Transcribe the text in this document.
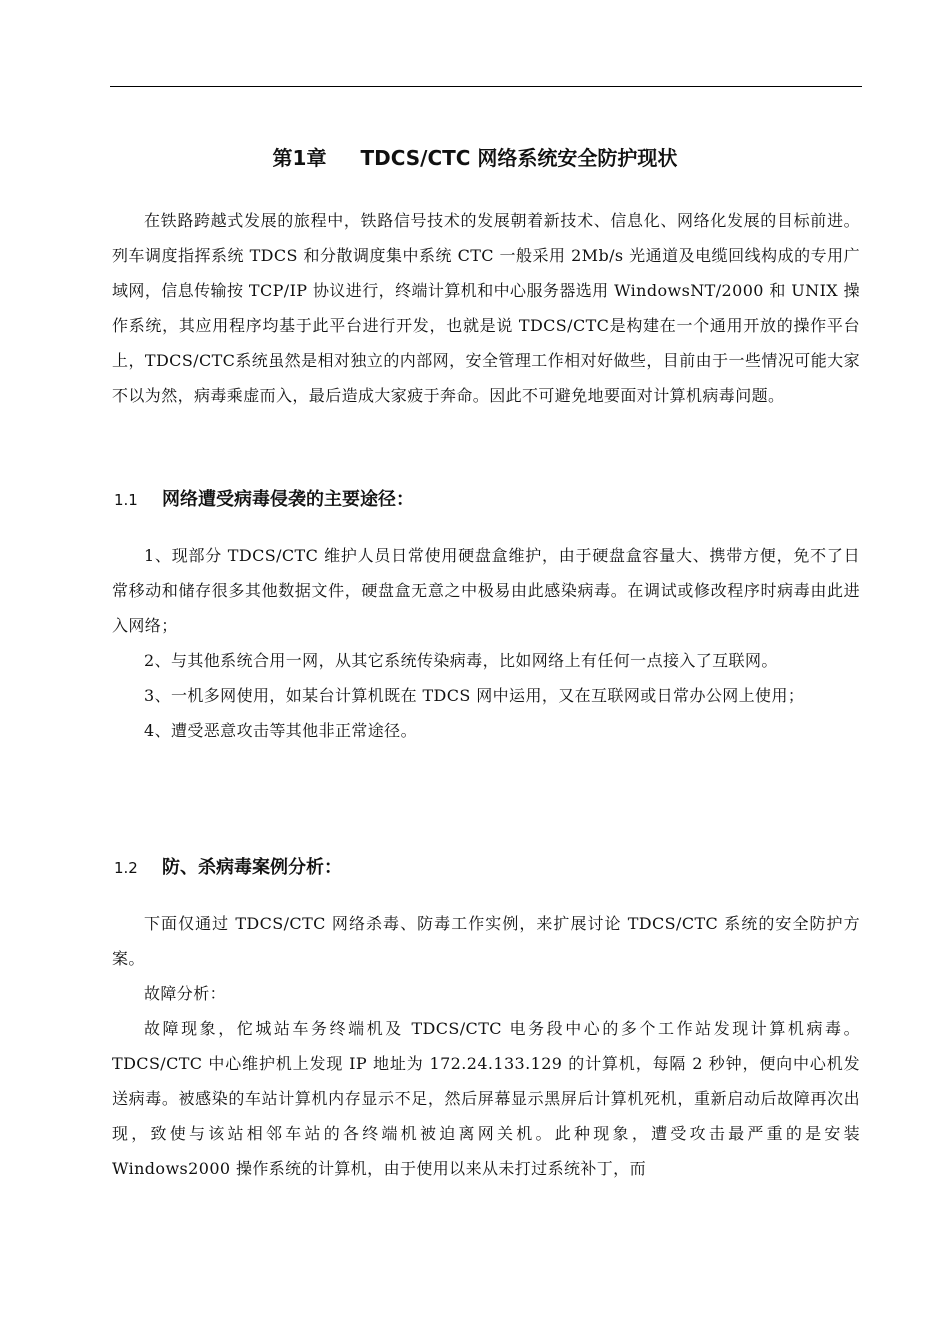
第1章 TDCS/CTC 网络系统安全防护现状

在铁路跨越式发展的旅程中，铁路信号技术的发展朝着新技术、信息化、网络化发展的目标前进。列车调度指挥系统 TDCS 和分散调度集中系统 CTC 一般采用 2Mb/s 光通道及电缆回线构成的专用广域网，信息传输按 TCP/IP 协议进行，终端计算机和中心服务器选用 WindowsNT/2000 和 UNIX 操作系统，其应用程序均基于此平台进行开发，也就是说 TDCS/CTC是构建在一个通用开放的操作平台上，TDCS/CTC系统虽然是相对独立的内部网，安全管理工作相对好做些，目前由于一些情况可能大家不以为然，病毒乘虚而入，最后造成大家疲于奔命。因此不可避免地要面对计算机病毒问题。

1.1 网络遭受病毒侵袭的主要途径：

1、现部分 TDCS/CTC 维护人员日常使用硬盘盒维护，由于硬盘盒容量大、携带方便，免不了日常移动和储存很多其他数据文件，硬盘盒无意之中极易由此感染病毒。在调试或修改程序时病毒由此进入网络；

2、与其他系统合用一网，从其它系统传染病毒，比如网络上有任何一点接入了互联网。

3、一机多网使用，如某台计算机既在 TDCS 网中运用，又在互联网或日常办公网上使用；

4、遭受恶意攻击等其他非正常途径。

1.2 防、杀病毒案例分析：

下面仅通过 TDCS/CTC 网络杀毒、防毒工作实例，来扩展讨论 TDCS/CTC 系统的安全防护方案。

故障分析：

故障现象，佗城站车务终端机及 TDCS/CTC 电务段中心的多个工作站发现计算机病毒。TDCS/CTC 中心维护机上发现 IP 地址为 172.24.133.129 的计算机，每隔 2 秒钟，便向中心机发送病毒。被感染的车站计算机内存显示不足，然后屏幕显示黑屏后计算机死机，重新启动后故障再次出现，致使与该站相邻车站的各终端机被迫离网关机。此种现象，遭受攻击最严重的是安装 Windows2000 操作系统的计算机，由于使用以来从未打过系统补丁，而
